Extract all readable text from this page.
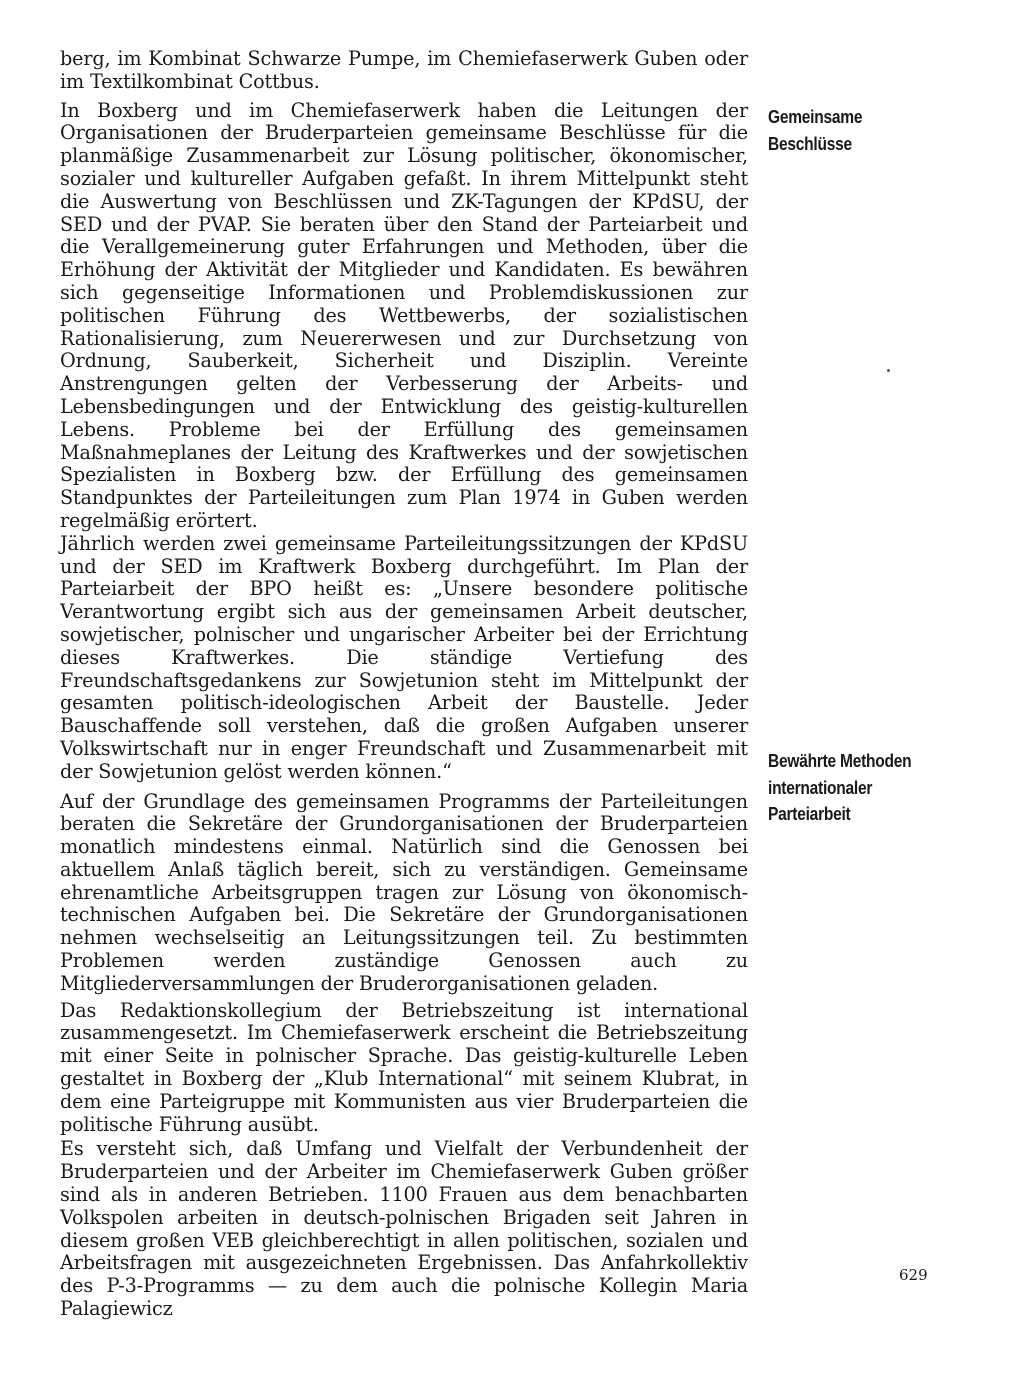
berg, im Kombinat Schwarze Pumpe, im Chemiefaserwerk Guben oder im Textilkombinat Cottbus.

In Boxberg und im Chemiefaserwerk haben die Leitungen der Organisationen der Bruderparteien gemeinsame Beschlüsse für die planmäßige Zusammenarbeit zur Lösung politischer, ökonomischer, sozialer und kultureller Aufgaben gefaßt. In ihrem Mittelpunkt steht die Auswertung von Beschlüssen und ZK-Tagungen der KPdSU, der SED und der PVAP. Sie beraten über den Stand der Parteiarbeit und die Verallgemeinerung guter Erfahrungen und Methoden, über die Erhöhung der Aktivität der Mitglieder und Kandidaten. Es bewähren sich gegenseitige Informationen und Problemdiskussionen zur politischen Führung des Wettbewerbs, der sozialistischen Rationalisierung, zum Neuererwesen und zur Durchsetzung von Ordnung, Sauberkeit, Sicherheit und Disziplin. Vereinte Anstrengungen gelten der Verbesserung der Arbeits- und Lebensbedingungen und der Entwicklung des geistig-kulturellen Lebens. Probleme bei der Erfüllung des gemeinsamen Maßnahmeplanes der Leitung des Kraftwerkes und der sowjetischen Spezialisten in Boxberg bzw. der Erfüllung des gemeinsamen Standpunktes der Parteileitungen zum Plan 1974 in Guben werden regelmäßig erörtert.

Jährlich werden zwei gemeinsame Parteileitungssitzungen der KPdSU und der SED im Kraftwerk Boxberg durchgeführt. Im Plan der Parteiarbeit der BPO heißt es: „Unsere besondere politische Verantwortung ergibt sich aus der gemeinsamen Arbeit deutscher, sowjetischer, polnischer und ungarischer Arbeiter bei der Errichtung dieses Kraftwerkes. Die ständige Vertiefung des Freundschaftsgedankens zur Sowjetunion steht im Mittelpunkt der gesamten politisch-ideologischen Arbeit der Baustelle. Jeder Bauschaffende soll verstehen, daß die großen Aufgaben unserer Volkswirtschaft nur in enger Freundschaft und Zusammenarbeit mit der Sowjetunion gelöst werden können.“

Auf der Grundlage des gemeinsamen Programms der Parteileitungen beraten die Sekretäre der Grundorganisationen der Bruderparteien monatlich mindestens einmal. Natürlich sind die Genossen bei aktuellem Anlaß täglich bereit, sich zu verständigen. Gemeinsame ehrenamtliche Arbeitsgruppen tragen zur Lösung von ökonomisch-technischen Aufgaben bei. Die Sekretäre der Grundorganisationen nehmen wechselseitig an Leitungssitzungen teil. Zu bestimmten Problemen werden zuständige Genossen auch zu Mitgliederversammlungen der Bruderorganisationen geladen.

Das Redaktionskollegium der Betriebszeitung ist international zusammengesetzt. Im Chemiefaserwerk erscheint die Betriebszeitung mit einer Seite in polnischer Sprache. Das geistig-kulturelle Leben gestaltet in Boxberg der „Klub International“ mit seinem Klubrat, in dem eine Parteigruppe mit Kommunisten aus vier Bruderparteien die politische Führung ausübt.

Es versteht sich, daß Umfang und Vielfalt der Verbundenheit der Bruderparteien und der Arbeiter im Chemiefaserwerk Guben größer sind als in anderen Betrieben. 1100 Frauen aus dem benachbarten Volkspolen arbeiten in deutsch-polnischen Brigaden seit Jahren in diesem großen VEB gleichberechtigt in allen politischen, sozialen und Arbeitsfragen mit ausgezeichneten Ergebnissen. Das Anfahrkollektiv des P-3-Programms — zu dem auch die polnische Kollegin Maria Palagiewicz

Gemeinsame
Beschlüsse
Bewährte Methoden
internationaler
Parteiarbeit
629
